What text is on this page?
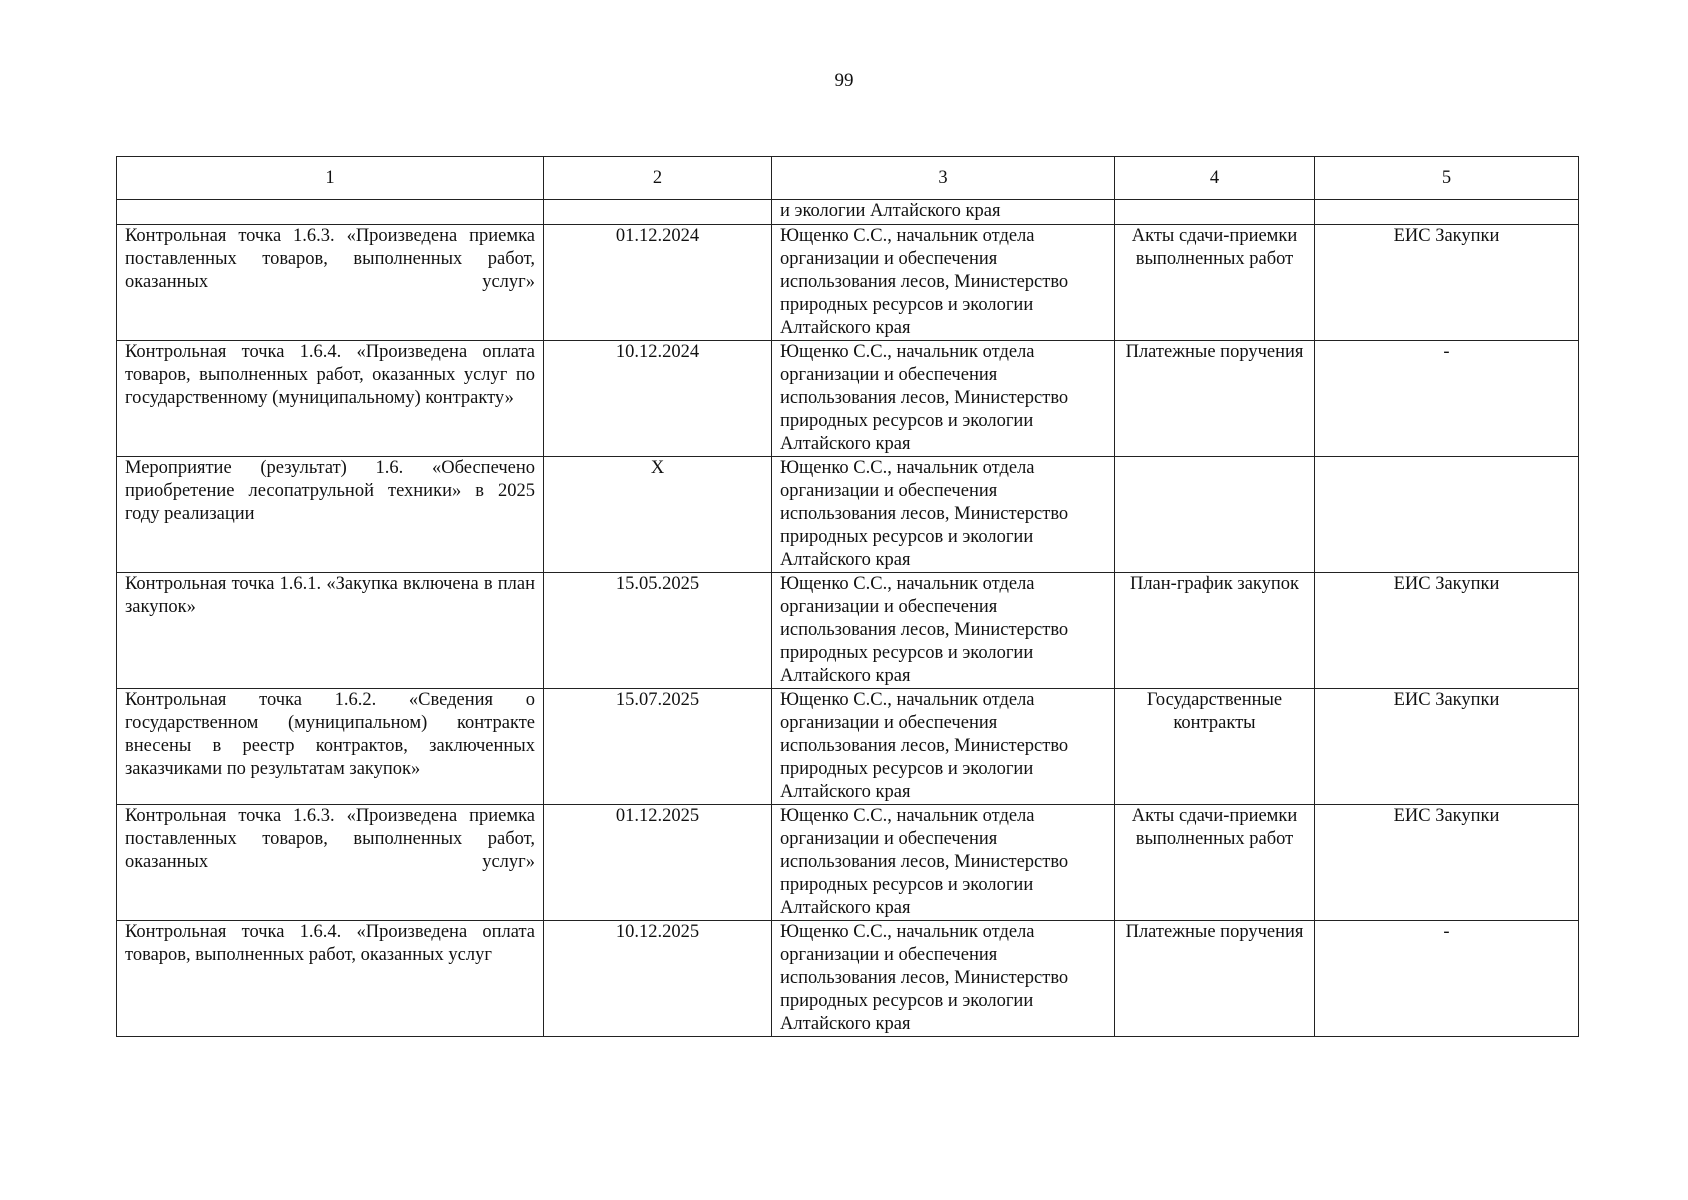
99
1	2	3	4	5
		и экологии Алтайского края		
Контрольная точка 1.6.3. «Произведена приемка поставленных товаров, выполненных работ, оказанных услуг»	01.12.2024	Ющенко С.С., начальник отдела организации и обеспечения использования лесов, Министерство природных ресурсов и экологии Алтайского края	Акты сдачи-приемки выполненных работ	ЕИС Закупки
Контрольная точка 1.6.4. «Произведена оплата товаров, выполненных работ, оказанных услуг по государственному (муниципальному) контракту»	10.12.2024	Ющенко С.С., начальник отдела организации и обеспечения использования лесов, Министерство природных ресурсов и экологии Алтайского края	Платежные поручения	-
Мероприятие (результат) 1.6. «Обеспечено приобретение лесопатрульной техники» в 2025 году реализации	X	Ющенко С.С., начальник отдела организации и обеспечения использования лесов, Министерство природных ресурсов и экологии Алтайского края		
Контрольная точка 1.6.1. «Закупка включена в план закупок»	15.05.2025	Ющенко С.С., начальник отдела организации и обеспечения использования лесов, Министерство природных ресурсов и экологии Алтайского края	План-график закупок	ЕИС Закупки
Контрольная точка 1.6.2. «Сведения о государственном (муниципальном) контракте внесены в реестр контрактов, заключенных заказчиками по результатам закупок»	15.07.2025	Ющенко С.С., начальник отдела организации и обеспечения использования лесов, Министерство природных ресурсов и экологии Алтайского края	Государственные контракты	ЕИС Закупки
Контрольная точка 1.6.3. «Произведена приемка поставленных товаров, выполненных работ, оказанных услуг»	01.12.2025	Ющенко С.С., начальник отдела организации и обеспечения использования лесов, Министерство природных ресурсов и экологии Алтайского края	Акты сдачи-приемки выполненных работ	ЕИС Закупки
Контрольная точка 1.6.4. «Произведена оплата товаров, выполненных работ, оказанных услуг	10.12.2025	Ющенко С.С., начальник отдела организации и обеспечения использования лесов, Министерство природных ресурсов и экологии Алтайского края	Платежные поручения	-
